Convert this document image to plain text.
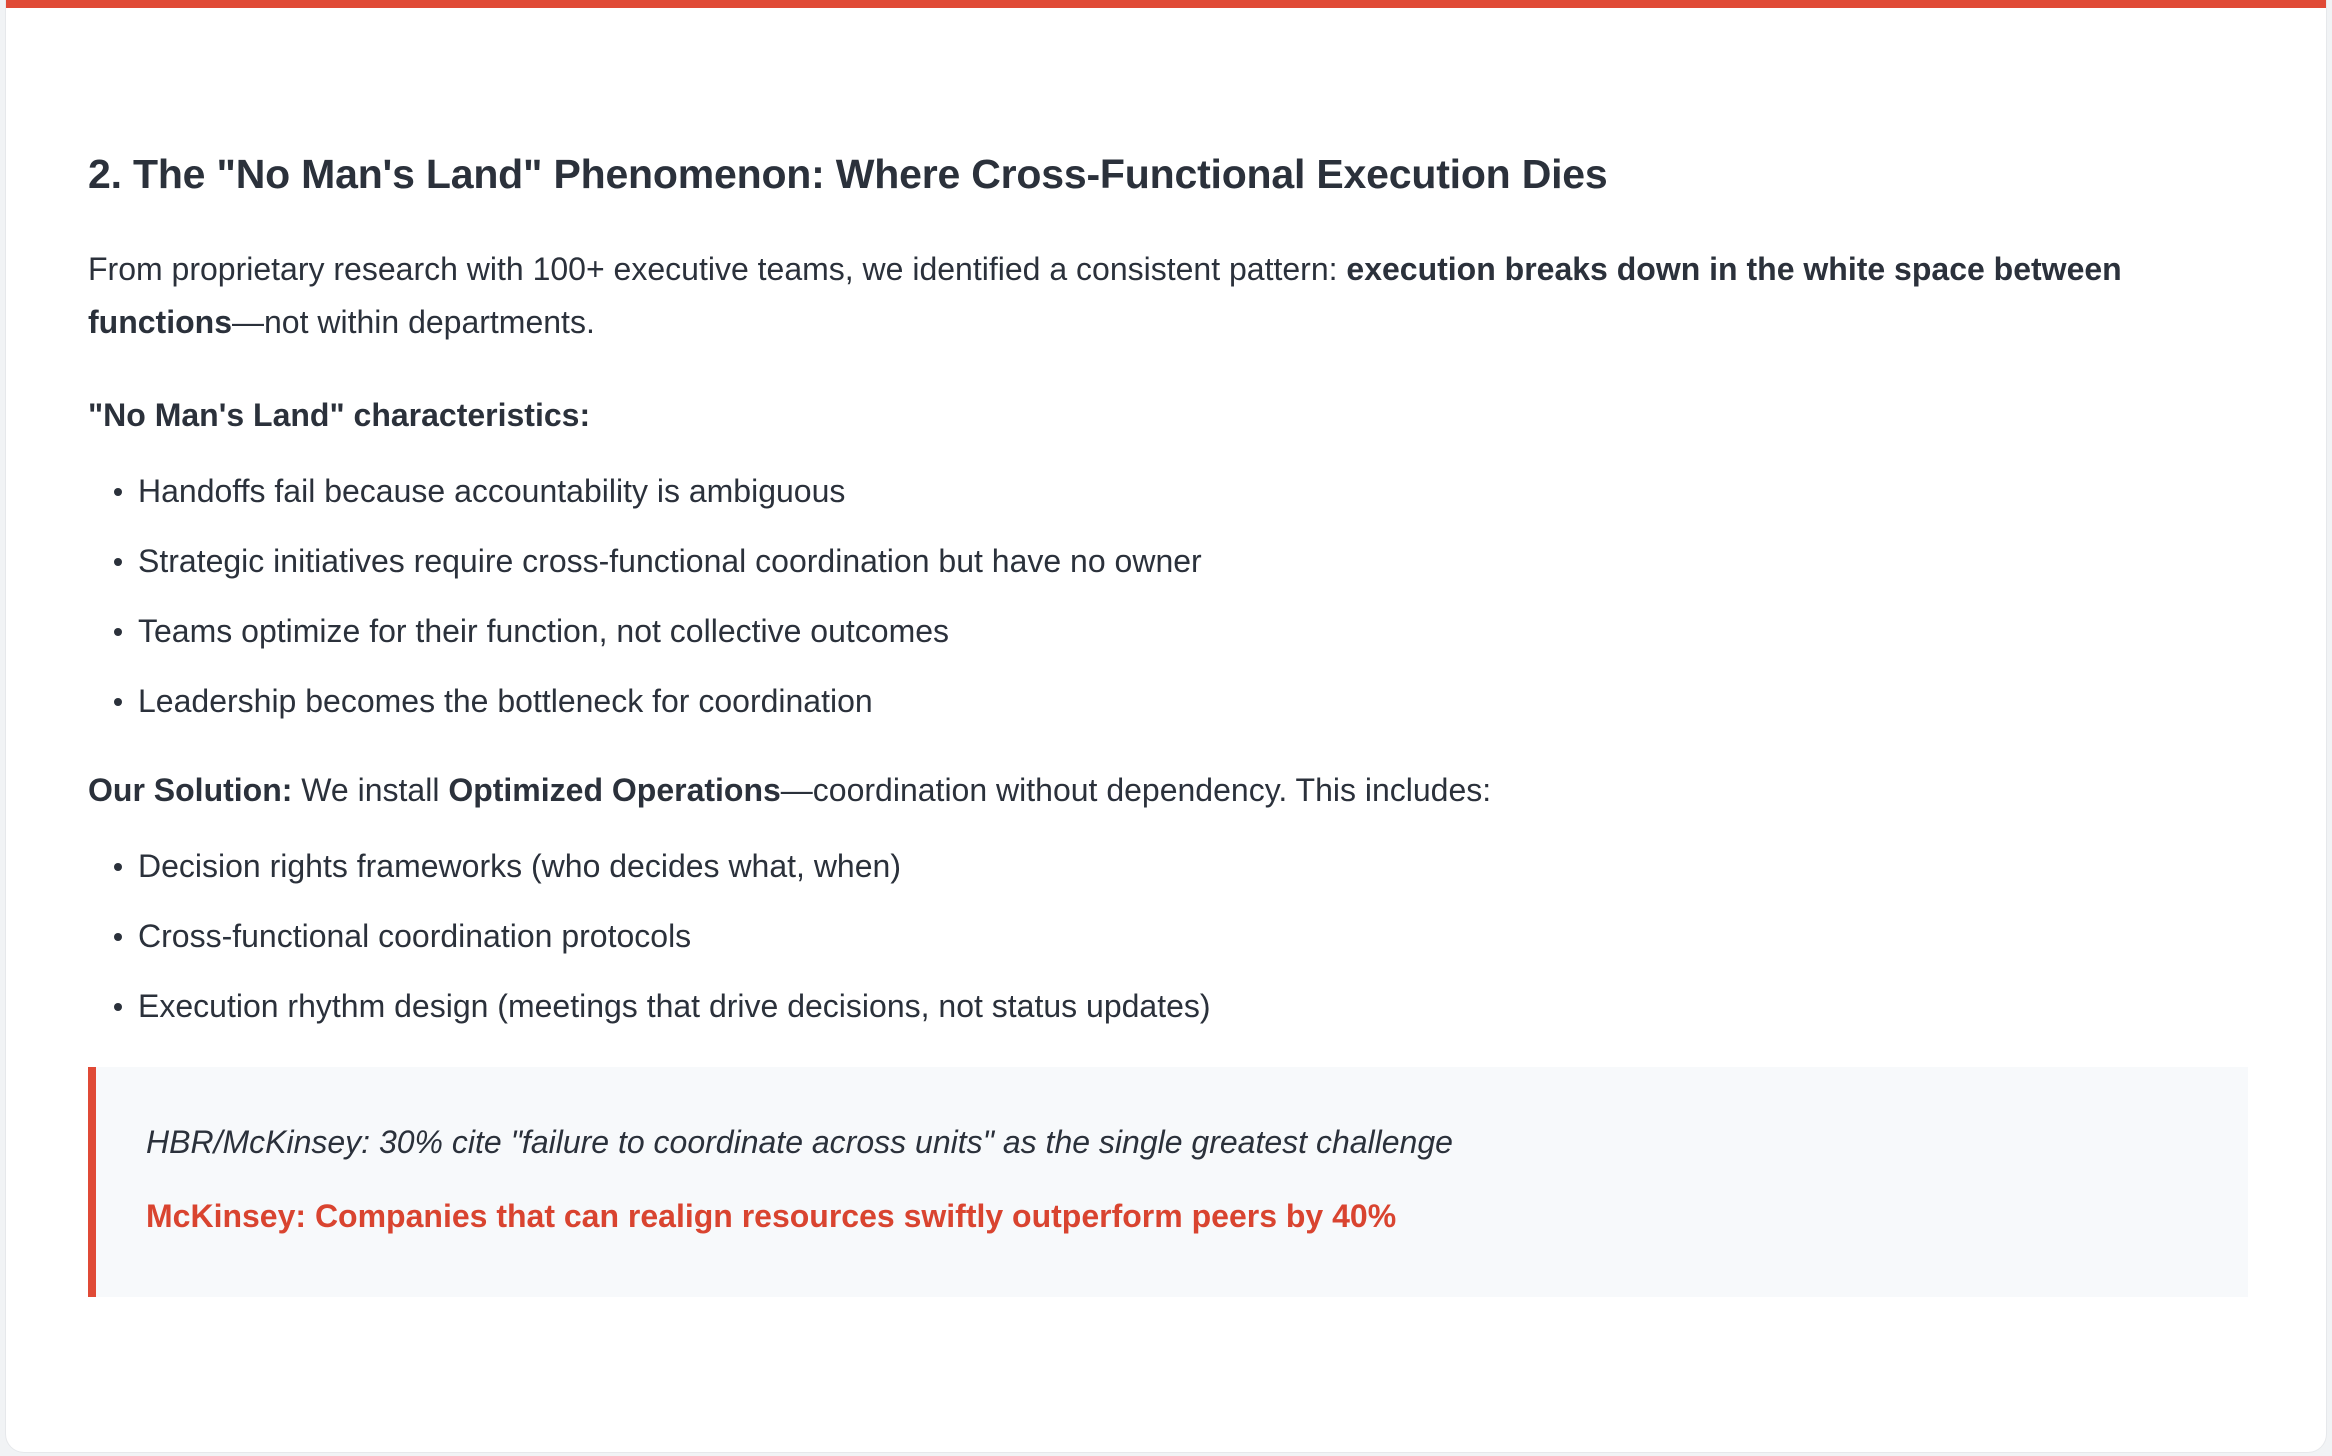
2. The "No Man's Land" Phenomenon: Where Cross-Functional Execution Dies

From proprietary research with 100+ executive teams, we identified a consistent pattern: execution breaks down in the white space between functions—not within departments.

"No Man's Land" characteristics:

Handoffs fail because accountability is ambiguous
Strategic initiatives require cross-functional coordination but have no owner
Teams optimize for their function, not collective outcomes
Leadership becomes the bottleneck for coordination

Our Solution: We install Optimized Operations—coordination without dependency. This includes:

Decision rights frameworks (who decides what, when)
Cross-functional coordination protocols
Execution rhythm design (meetings that drive decisions, not status updates)
HBR/McKinsey: 30% cite "failure to coordinate across units" as the single greatest challenge
McKinsey: Companies that can realign resources swiftly outperform peers by 40%
